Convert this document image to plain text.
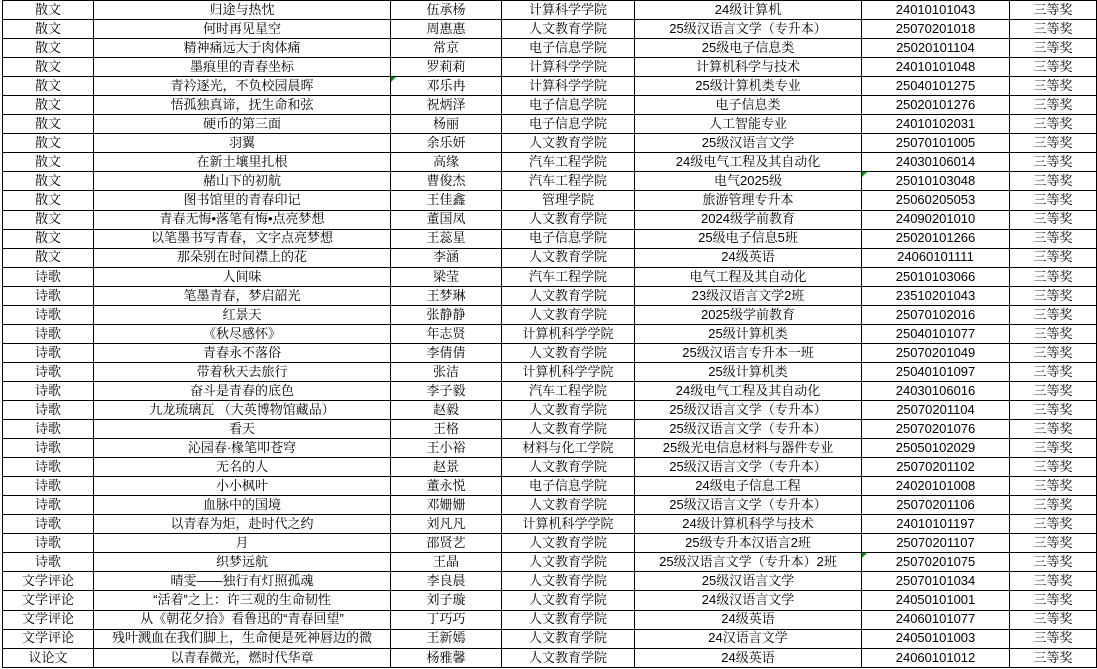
散文	归途与热忱	伍承杨	计算科学学院	24级计算机	24010101043	三等奖
散文	何时再见星空	周惠惠	人文教育学院	25级汉语言文学（专升本）	25070201018	三等奖
散文	精神痛远大于肉体痛	常京	电子信息学院	25级电子信息类	25020101104	三等奖
散文	墨痕里的青春坐标	罗莉莉	计算科学学院	计算机科学与技术	24010101048	三等奖
散文	青衿逐光，不负校园晨晖	邓乐冉	计算科学学院	25级计算机类专业	25040101275	三等奖
散文	悟孤独真谛，抚生命和弦	祝炳泽	电子信息学院	电子信息类	25020101276	三等奖
散文	硬币的第三面	杨丽	电子信息学院	人工智能专业	24010102031	三等奖
散文	羽翼	余乐妍	人文教育学院	25级汉语言文学	25070101005	三等奖
散文	在新土壤里扎根	高缘	汽车工程学院	24级电气工程及其自动化	24030106014	三等奖
散文	赭山下的初航	曹俊杰	汽车工程学院	电气2025级	25010103048	三等奖
散文	图书馆里的青春印记	王佳鑫	管理学院	旅游管理专升本	25060205053	三等奖
散文	青春无悔•落笔有悔•点亮梦想	董国凤	人文教育学院	2024级学前教育	24090201010	三等奖
散文	以笔墨书写青春，文字点亮梦想	王蕊星	电子信息学院	25级电子信息5班	25020101266	三等奖
散文	那朵别在时间襟上的花	李涵	人文教育学院	24级英语	24060101111	三等奖
诗歌	人间味	梁莹	汽车工程学院	电气工程及其自动化	25010103066	三等奖
诗歌	笔墨青春，梦启韶光	王梦琳	人文教育学院	23级汉语言文学2班	23510201043	三等奖
诗歌	红景天	张静静	人文教育学院	2025级学前教育	25070102016	三等奖
诗歌	《秋尽感怀》	年志贤	计算机科学学院	25级计算机类	25040101077	三等奖
诗歌	青春永不落俗	李倩倩	人文教育学院	25级汉语言专升本一班	25070201049	三等奖
诗歌	带着秋天去旅行	张洁	计算机科学学院	25级计算机类	25040101097	三等奖
诗歌	奋斗是青春的底色	李子毅	汽车工程学院	24级电气工程及其自动化	24030106016	三等奖
诗歌	九龙琉璃瓦 （大英博物馆藏品）	赵毅	人文教育学院	25级汉语言文学（专升本）	25070201104	三等奖
诗歌	看天	王格	人文教育学院	25级汉语言文学（专升本）	25070201076	三等奖
诗歌	沁园春·椽笔叩苍穹	王小裕	材料与化工学院	25级光电信息材料与器件专业	25050102029	三等奖
诗歌	无名的人	赵景	人文教育学院	25级汉语言文学（专升本）	25070201102	三等奖
诗歌	小小枫叶	董永悦	电子信息学院	24级电子信息工程	24020101008	三等奖
诗歌	血脉中的国境	邓姗姗	人文教育学院	25级汉语言文学（专升本）	25070201106	三等奖
诗歌	以青春为炬，赴时代之约	刘凡凡	计算机科学学院	24级计算机科学与技术	24010101197	三等奖
诗歌	月	邵贤艺	人文教育学院	25级专升本汉语言2班	25070201107	三等奖
诗歌	织梦远航	王晶	人文教育学院	25级汉语言文学（专升本）2班	25070201075	三等奖
文学评论	晴雯——独行有灯照孤魂	李良晨	人文教育学院	25级汉语言文学	25070101034	三等奖
文学评论	“活着”之上：许三观的生命韧性	刘子璇	人文教育学院	24级汉语言文学	24050101001	三等奖
文学评论	从《朝花夕拾》看鲁迅的“青春回望”	丁巧巧	人文教育学院	24级英语	24060101077	三等奖
文学评论	残叶溅血在我们脚上，生命便是死神唇边的微	王新嫣	人文教育学院	24汉语言文学	24050101003	三等奖
议论文	以青春微光，燃时代华章	杨雅馨	人文教育学院	24级英语	24060101012	三等奖
